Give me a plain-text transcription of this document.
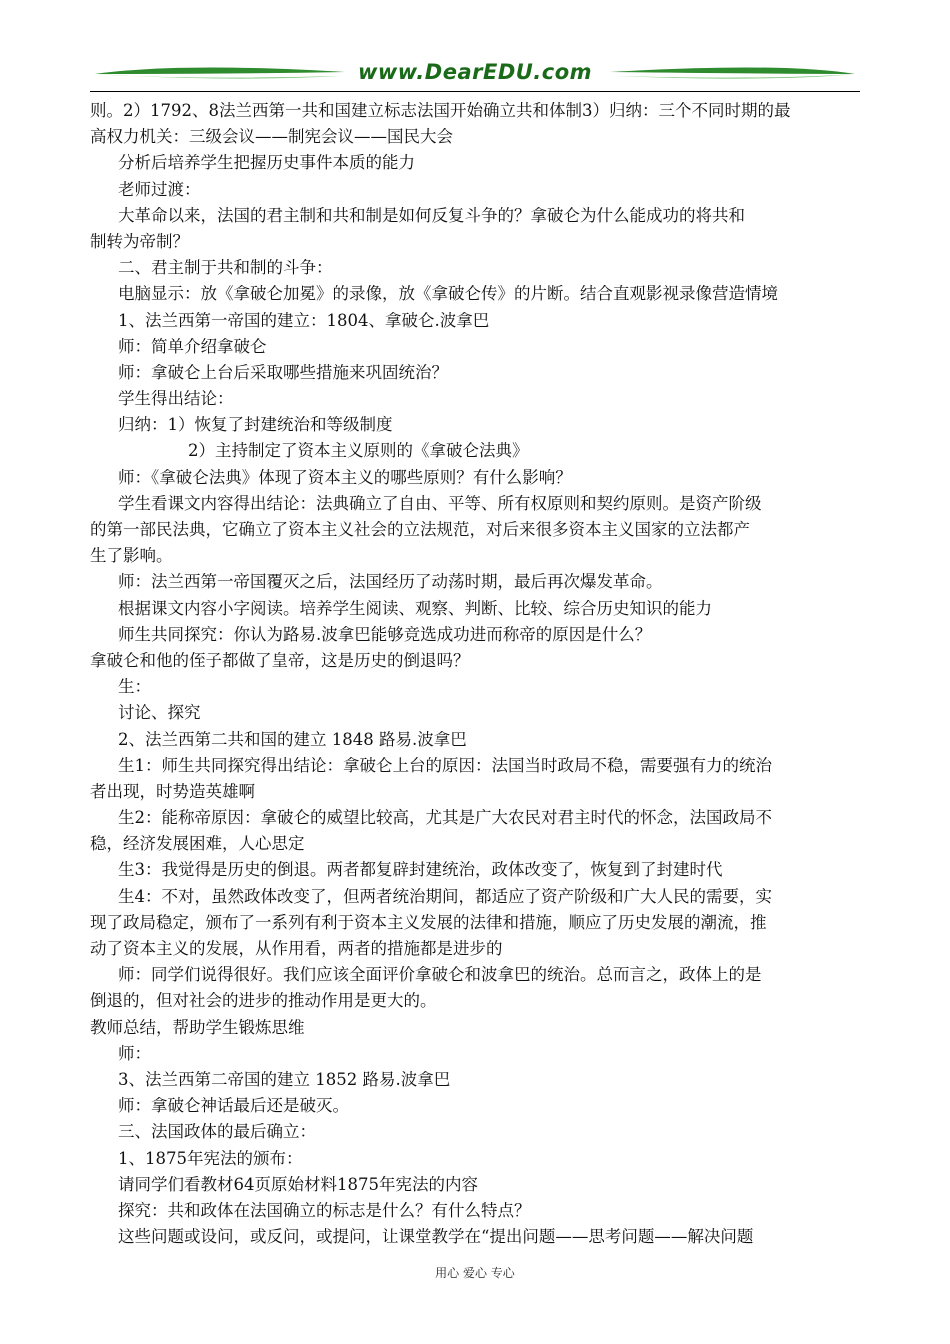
www.DearEDU.com
则。2）1792、8法兰西第一共和国建立标志法国开始确立共和体制3）归纳：三个不同时期的最
高权力机关：三级会议——制宪会议——国民大会
分析后培养学生把握历史事件本质的能力
老师过渡：
大革命以来，法国的君主制和共和制是如何反复斗争的？拿破仑为什么能成功的将共和
制转为帝制？
二、君主制于共和制的斗争：
电脑显示：放《拿破仑加冕》的录像，放《拿破仑传》的片断。结合直观影视录像营造情境
1、法兰西第一帝国的建立：1804、拿破仑.波拿巴
师：简单介绍拿破仑
师：拿破仑上台后采取哪些措施来巩固统治？
学生得出结论：
归纳：1）恢复了封建统治和等级制度
2）主持制定了资本主义原则的《拿破仑法典》
师：《拿破仑法典》体现了资本主义的哪些原则？有什么影响？
学生看课文内容得出结论：法典确立了自由、平等、所有权原则和契约原则。是资产阶级
的第一部民法典，它确立了资本主义社会的立法规范，对后来很多资本主义国家的立法都产
生了影响。
师：法兰西第一帝国覆灭之后，法国经历了动荡时期，最后再次爆发革命。
根据课文内容小字阅读。培养学生阅读、观察、判断、比较、综合历史知识的能力
师生共同探究：你认为路易.波拿巴能够竞选成功进而称帝的原因是什么？
拿破仑和他的侄子都做了皇帝，这是历史的倒退吗？
生：
讨论、探究
2、法兰西第二共和国的建立 1848 路易.波拿巴
生1：师生共同探究得出结论：拿破仑上台的原因：法国当时政局不稳，需要强有力的统治
者出现，时势造英雄啊
生2：能称帝原因：拿破仑的威望比较高，尤其是广大农民对君主时代的怀念，法国政局不
稳，经济发展困难，人心思定
生3：我觉得是历史的倒退。两者都复辟封建统治，政体改变了，恢复到了封建时代
生4：不对，虽然政体改变了，但两者统治期间，都适应了资产阶级和广大人民的需要，实
现了政局稳定，颁布了一系列有利于资本主义发展的法律和措施，顺应了历史发展的潮流，推
动了资本主义的发展，从作用看，两者的措施都是进步的
师：同学们说得很好。我们应该全面评价拿破仑和波拿巴的统治。总而言之，政体上的是
倒退的，但对社会的进步的推动作用是更大的。
教师总结，帮助学生锻炼思维
师：
3、法兰西第二帝国的建立 1852 路易.波拿巴
师：拿破仑神话最后还是破灭。
三、法国政体的最后确立：
1、1875年宪法的颁布：
请同学们看教材64页原始材料1875年宪法的内容
探究：共和政体在法国确立的标志是什么？有什么特点？
这些问题或设问，或反问，或提问，让课堂教学在“提出问题——思考问题——解决问题
用心 爱心 专心
